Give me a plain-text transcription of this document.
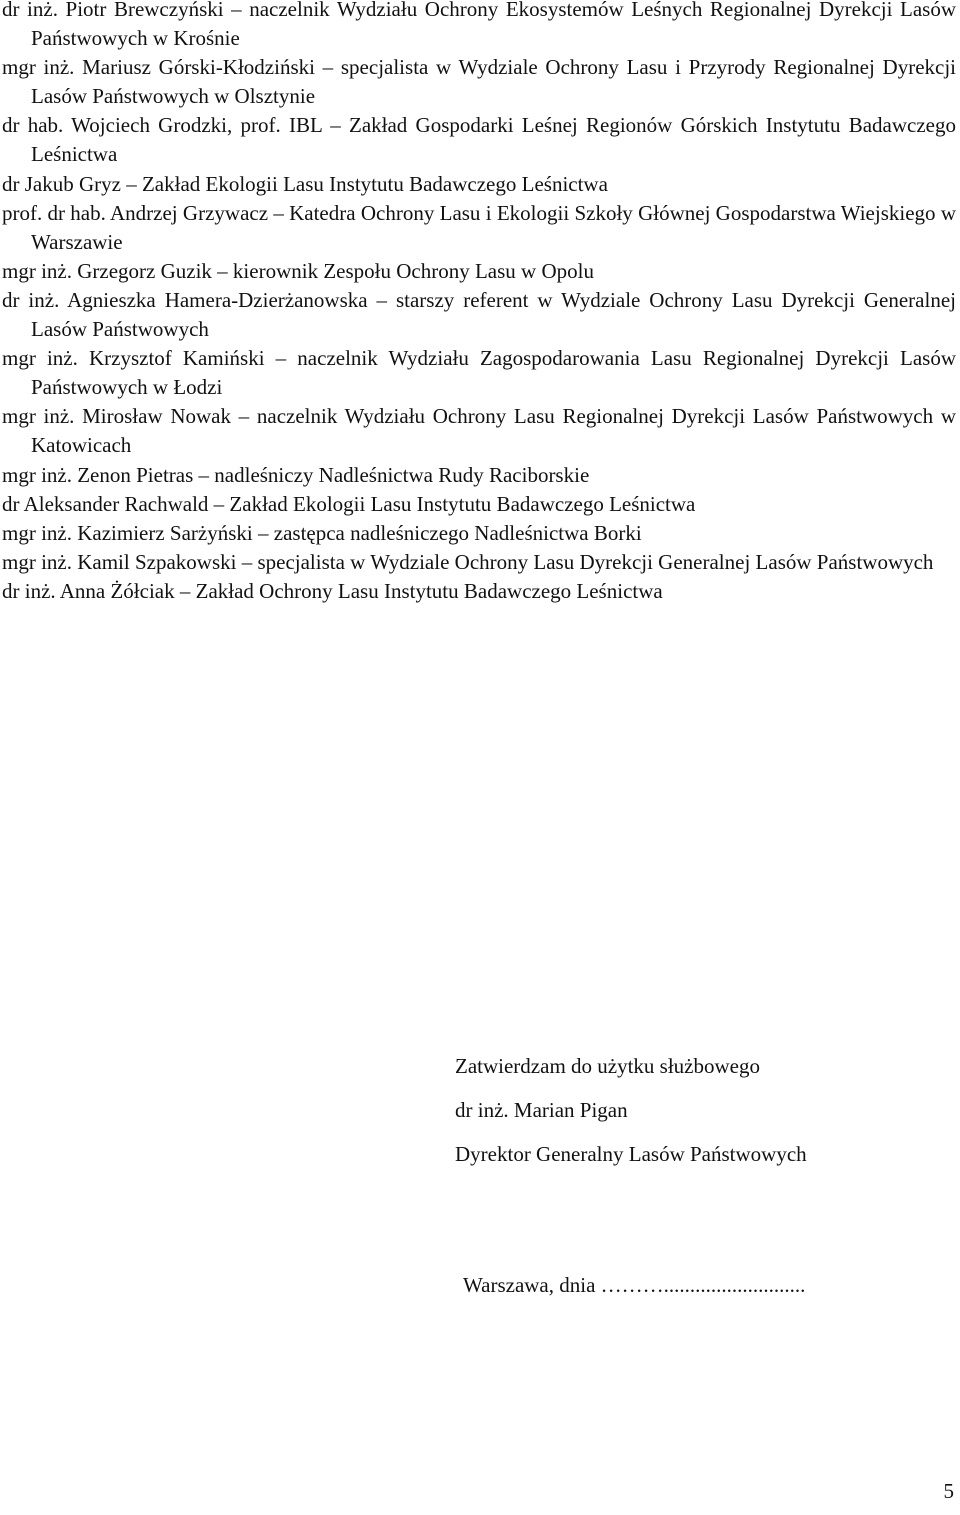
dr inż. Piotr Brewczyński – naczelnik Wydziału Ochrony Ekosystemów Leśnych Regionalnej Dyrekcji Lasów Państwowych w Krośnie
mgr inż. Mariusz Górski-Kłodziński – specjalista w Wydziale Ochrony Lasu i Przyrody Regionalnej Dyrekcji Lasów Państwowych w Olsztynie
dr hab. Wojciech Grodzki, prof. IBL – Zakład Gospodarki Leśnej Regionów Górskich Instytutu Badawczego Leśnictwa
dr Jakub Gryz – Zakład Ekologii Lasu Instytutu Badawczego Leśnictwa
prof. dr hab. Andrzej Grzywacz – Katedra Ochrony Lasu i Ekologii Szkoły Głównej Gospodarstwa Wiejskiego w Warszawie
mgr inż. Grzegorz Guzik – kierownik Zespołu Ochrony Lasu w Opolu
dr inż. Agnieszka Hamera-Dzierżanowska – starszy referent w Wydziale Ochrony Lasu Dyrekcji Generalnej Lasów Państwowych
mgr inż. Krzysztof Kamiński – naczelnik Wydziału Zagospodarowania Lasu Regionalnej Dyrekcji Lasów Państwowych w Łodzi
mgr inż. Mirosław Nowak – naczelnik Wydziału Ochrony Lasu Regionalnej Dyrekcji Lasów Państwowych w Katowicach
mgr inż. Zenon Pietras – nadleśniczy Nadleśnictwa Rudy Raciborskie
dr Aleksander Rachwald – Zakład Ekologii Lasu Instytutu Badawczego Leśnictwa
mgr inż. Kazimierz Sarżyński – zastępca nadleśniczego Nadleśnictwa Borki
mgr inż. Kamil Szpakowski – specjalista w Wydziale Ochrony Lasu Dyrekcji Generalnej Lasów Państwowych
dr inż. Anna Żółciak – Zakład Ochrony Lasu Instytutu Badawczego Leśnictwa

Zatwierdzam do użytku służbowego

dr inż. Marian Pigan

Dyrektor Generalny Lasów Państwowych

Warszawa, dnia ………...........................
5
